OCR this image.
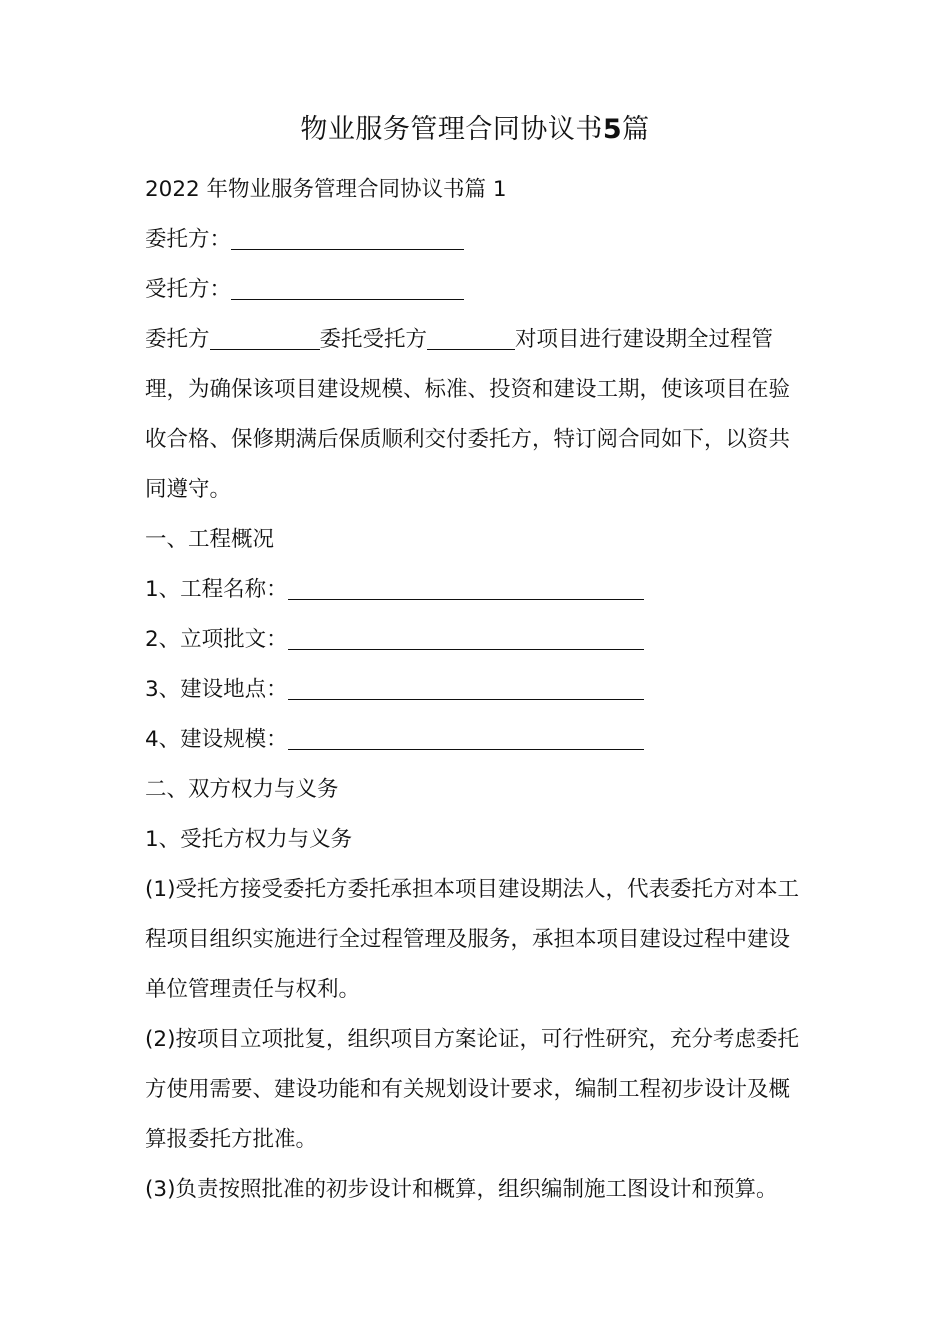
物业服务管理合同协议书5篇

2022 年物业服务管理合同协议书篇 1

委托方：

受托方：

委托方	委托受托方	对项目进行建设期全过程管

理，为确保该项目建设规模、标准、投资和建设工期，使该项目在验

收合格、保修期满后保质顺利交付委托方，特订阅合同如下，以资共

同遵守。

一、工程概况

1、工程名称：

2、立项批文：

3、建设地点：

4、建设规模：

二、双方权力与义务

1、受托方权力与义务

(1)受托方接受委托方委托承担本项目建设期法人，代表委托方对本工

程项目组织实施进行全过程管理及服务，承担本项目建设过程中建设

单位管理责任与权利。

(2)按项目立项批复，组织项目方案论证，可行性研究，充分考虑委托

方使用需要、建设功能和有关规划设计要求，编制工程初步设计及概

算报委托方批准。

(3)负责按照批准的初步设计和概算，组织编制施工图设计和预算。
